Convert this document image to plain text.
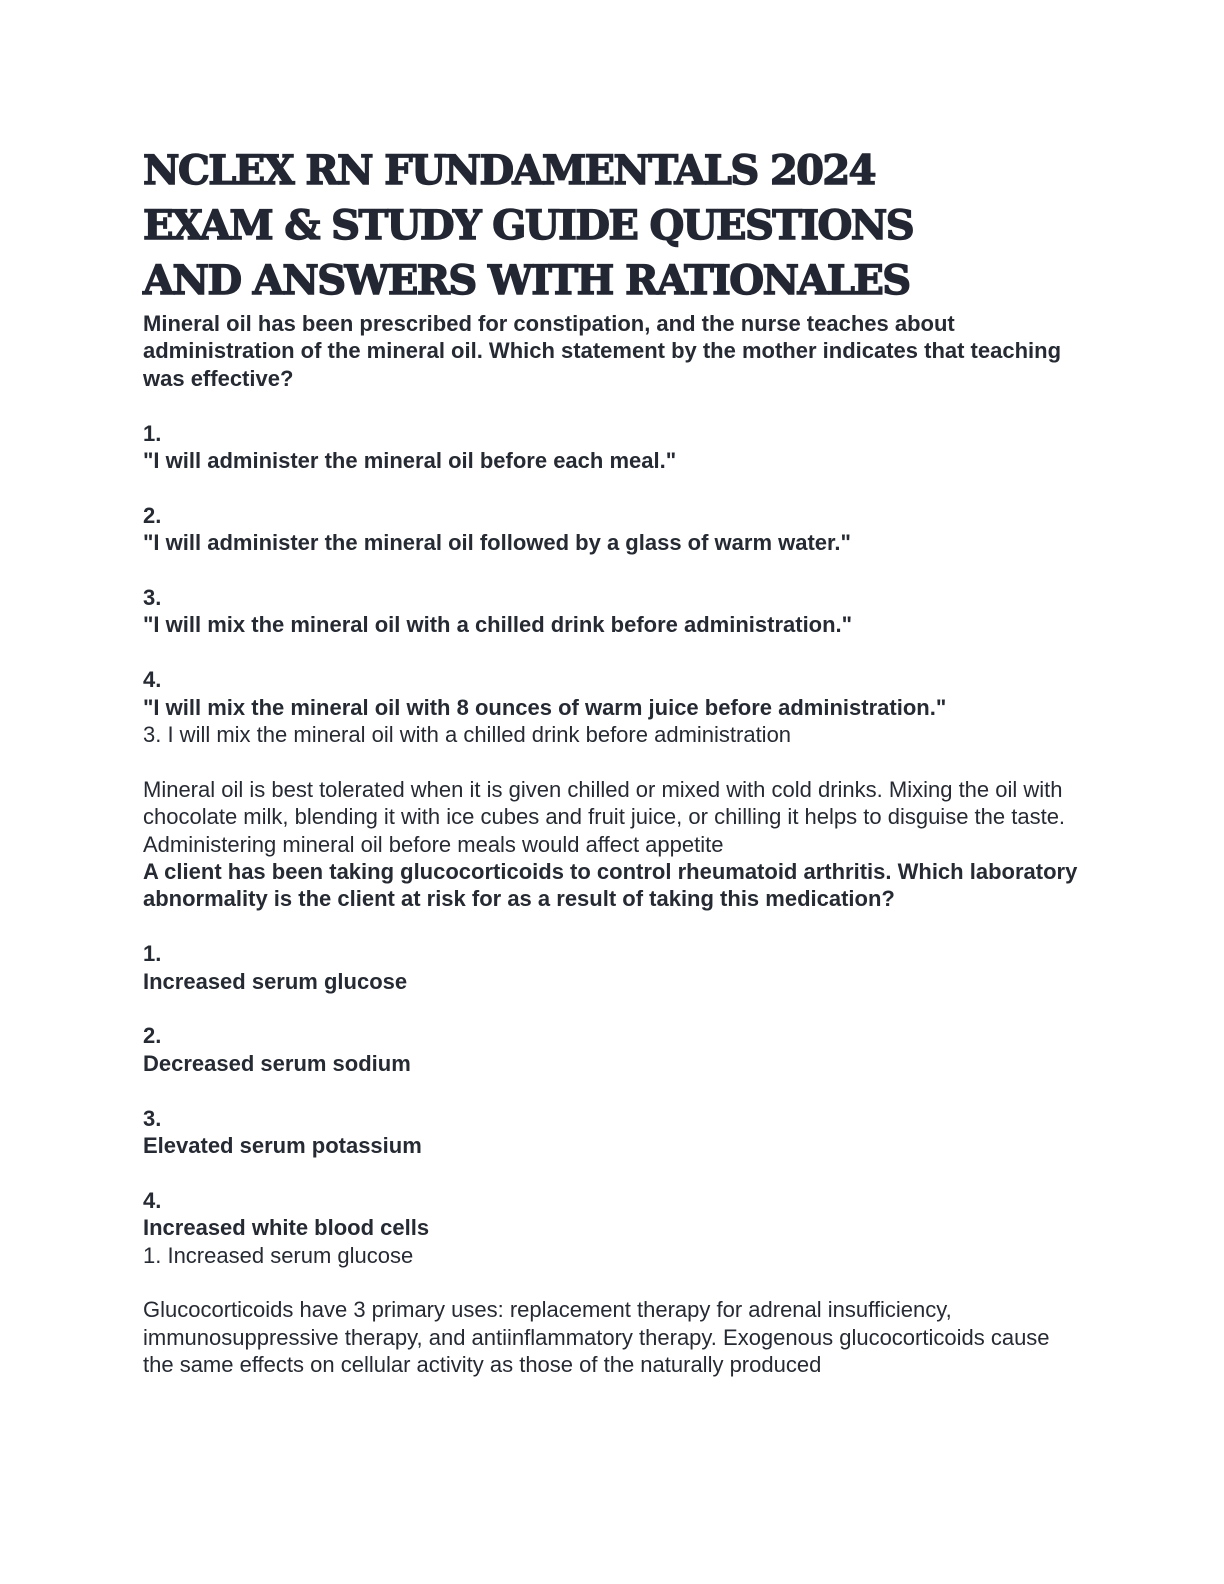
NCLEX RN FUNDAMENTALS 2024
EXAM & STUDY GUIDE QUESTIONS
AND ANSWERS WITH RATIONALES

Mineral oil has been prescribed for constipation, and the nurse teaches about administration of the mineral oil. Which statement by the mother indicates that teaching was effective?

1.

"I will administer the mineral oil before each meal."

2.

"I will administer the mineral oil followed by a glass of warm water."

3.

"I will mix the mineral oil with a chilled drink before administration."

4.

"I will mix the mineral oil with 8 ounces of warm juice before administration."

3. I will mix the mineral oil with a chilled drink before administration

Mineral oil is best tolerated when it is given chilled or mixed with cold drinks. Mixing the oil with chocolate milk, blending it with ice cubes and fruit juice, or chilling it helps to disguise the taste. Administering mineral oil before meals would affect appetite

A client has been taking glucocorticoids to control rheumatoid arthritis. Which laboratory abnormality is the client at risk for as a result of taking this medication?

1.

Increased serum glucose

2.

Decreased serum sodium

3.

Elevated serum potassium

4.

Increased white blood cells

1. Increased serum glucose

Glucocorticoids have 3 primary uses: replacement therapy for adrenal insufficiency, immunosuppressive therapy, and antiinflammatory therapy. Exogenous glucocorticoids cause the same effects on cellular activity as those of the naturally produced
